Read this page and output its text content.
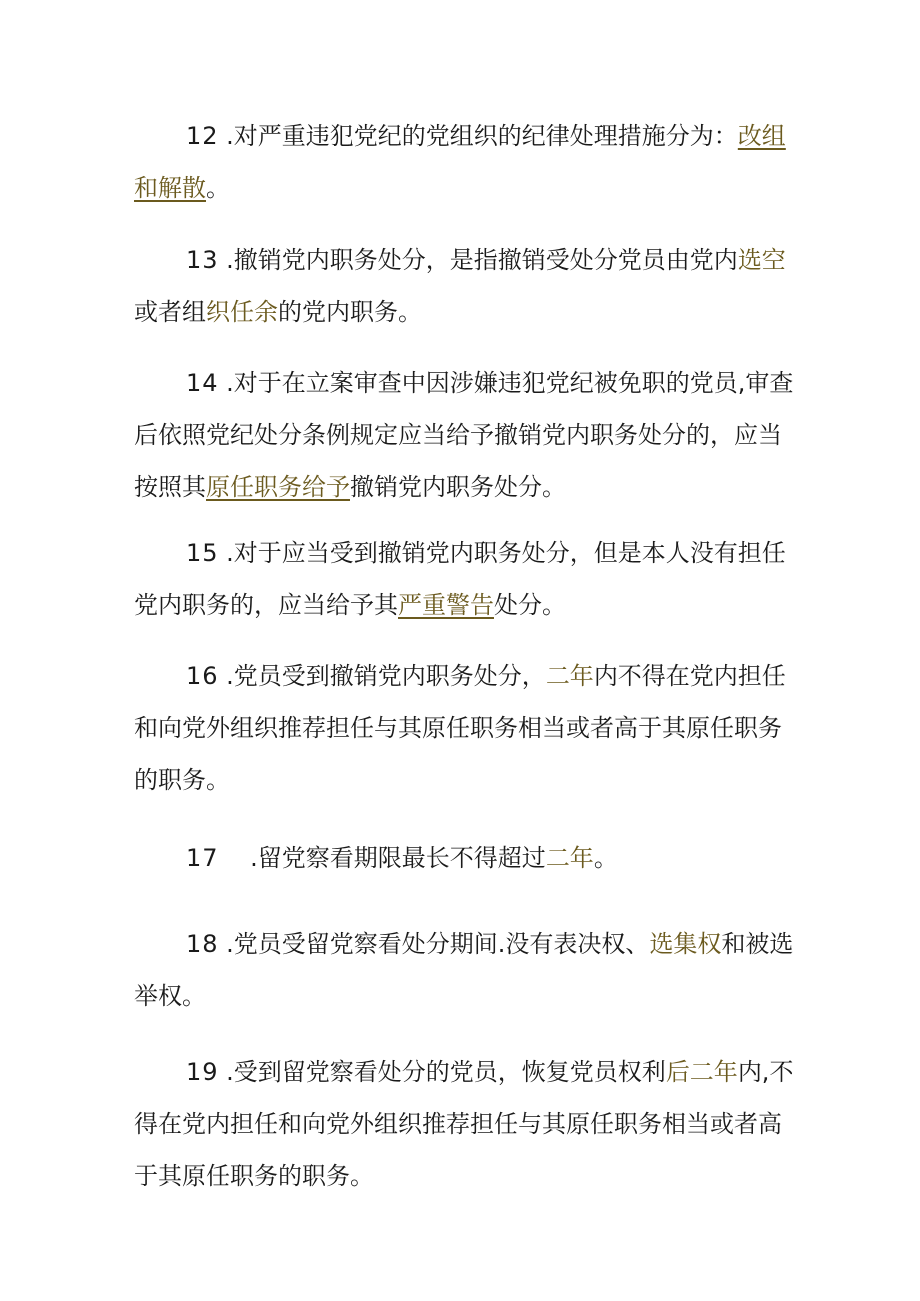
12 .对严重违犯党纪的党组织的纪律处理措施分为：改组和解散。
13 .撤销党内职务处分，是指撤销受处分党员由党内选空或者组织任余的党内职务。
14 .对于在立案审查中因涉嫌违犯党纪被免职的党员,审查后依照党纪处分条例规定应当给予撤销党内职务处分的，应当按照其原任职务给予撤销党内职务处分。
15 .对于应当受到撤销党内职务处分，但是本人没有担任党内职务的，应当给予其严重警告处分。
16 .党员受到撤销党内职务处分，二年内不得在党内担任和向党外组织推荐担任与其原任职务相当或者高于其原任职务的职务。
17 　.留党察看期限最长不得超过二年。
18 .党员受留党察看处分期间.没有表决权、选集权和被选举权。
19 .受到留党察看处分的党员，恢复党员权利后二年内,不得在党内担任和向党外组织推荐担任与其原任职务相当或者高于其原任职务的职务。
